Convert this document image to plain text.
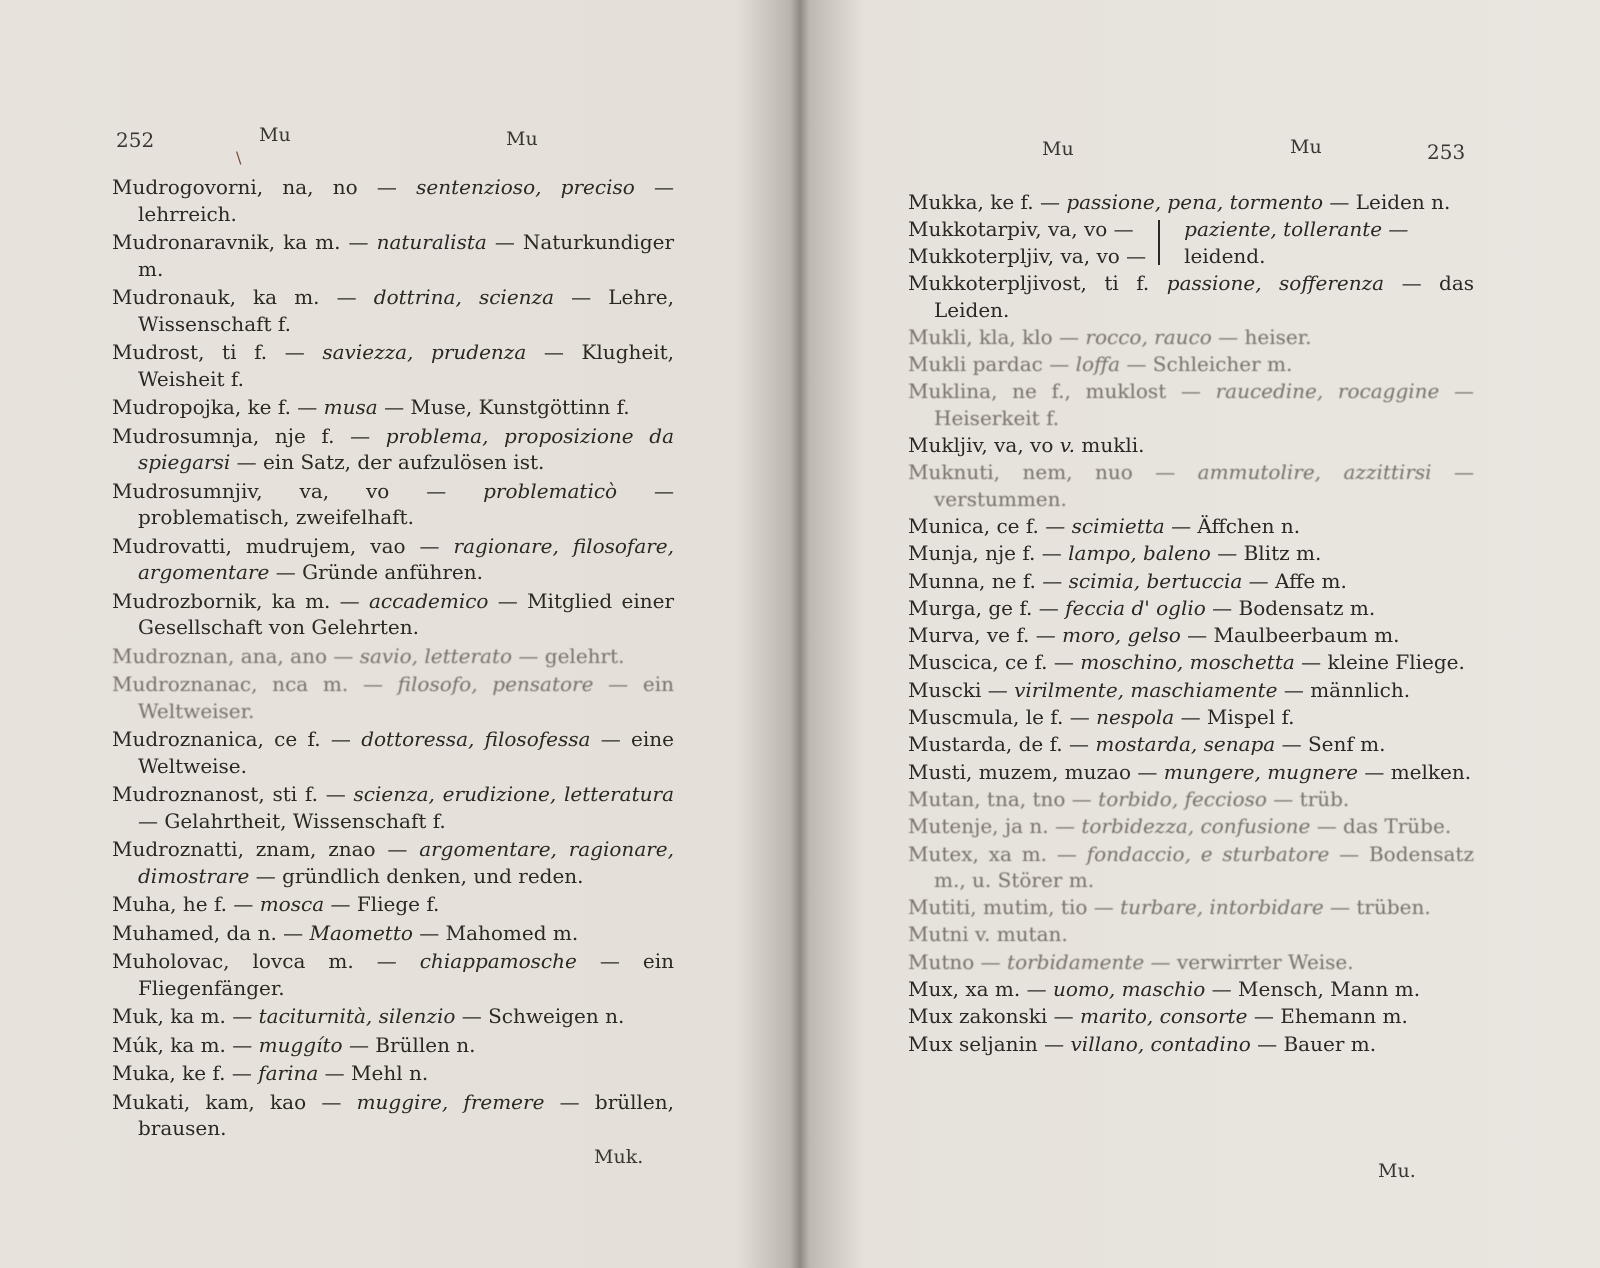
252	Mu	Mu
\
Mudrogovorni, na, no — sentenzioso, preciso — lehrreich.
Mudronaravnik, ka m. — naturalista — Naturkundiger m.
Mudronauk, ka m. — dottrina, scienza — Lehre, Wissenschaft f.
Mudrost, ti f. — saviezza, prudenza — Klugheit, Weisheit f.
Mudropojka, ke f. — musa — Muse, Kunstgöttinn f.
Mudrosumnja, nje f. — problema, proposizione da spiegarsi — ein Satz, der aufzulösen ist.
Mudrosumnjiv, va, vo — problematicò — problematisch, zweifelhaft.
Mudrovatti, mudrujem, vao — ragionare, filosofare, argomentare — Gründe anführen.
Mudrozbornik, ka m. — accademico — Mitglied einer Gesellschaft von Gelehrten.
Mudroznan, ana, ano — savio, letterato — gelehrt.
Mudroznanac, nca m. — filosofo, pensatore — ein Weltweiser.
Mudroznanica, ce f. — dottoressa, filosofessa — eine Weltweise.
Mudroznanost, sti f. — scienza, erudizione, letteratura — Gelahrtheit, Wissenschaft f.
Mudroznatti, znam, znao — argomentare, ragionare, dimostrare — gründlich denken, und reden.
Muha, he f. — mosca — Fliege f.
Muhamed, da n. — Maometto — Mahomed m.
Muholovac, lovca m. — chiappamosche — ein Fliegenfänger.
Muk, ka m. — taciturnità, silenzio — Schweigen n.
Múk, ka m. — muggíto — Brüllen n.
Muka, ke f. — farina — Mehl n.
Mukati, kam, kao — muggire, fremere — brüllen, brausen.
Muk.
Mu	Mu	253
Mukka, ke f. — passione, pena, tormento — Leiden n.
Mukkotarpiv, va, vo —
Mukkoterpljiv, va, vo —
paziente, tollerante —
leidend.
Mukkoterpljivost, ti f. passione, sofferenza — das Leiden.
Mukli, kla, klo — rocco, rauco — heiser.
Mukli pardac — loffa — Schleicher m.
Muklina, ne f., muklost — raucedine, rocaggine — Heiserkeit f.
Mukljiv, va, vo v. mukli.
Muknuti, nem, nuo — ammutolire, azzittirsi — verstummen.
Munica, ce f. — scimietta — Äffchen n.
Munja, nje f. — lampo, baleno — Blitz m.
Munna, ne f. — scimia, bertuccia — Affe m.
Murga, ge f. — feccia d' oglio — Bodensatz m.
Murva, ve f. — moro, gelso — Maulbeerbaum m.
Muscica, ce f. — moschino, moschetta — kleine Fliege.
Muscki — virilmente, maschiamente — männlich.
Muscmula, le f. — nespola — Mispel f.
Mustarda, de f. — mostarda, senapa — Senf m.
Musti, muzem, muzao — mungere, mugnere — melken.
Mutan, tna, tno — torbido, feccioso — trüb.
Mutenje, ja n. — torbidezza, confusione — das Trübe.
Mutex, xa m. — fondaccio, e sturbatore — Bodensatz m., u. Störer m.
Mutiti, mutim, tio — turbare, intorbidare — trüben.
Mutni v. mutan.
Mutno — torbidamente — verwirrter Weise.
Mux, xa m. — uomo, maschio — Mensch, Mann m.
Mux zakonski — marito, consorte — Ehemann m.
Mux seljanin — villano, contadino — Bauer m.
Mu.
